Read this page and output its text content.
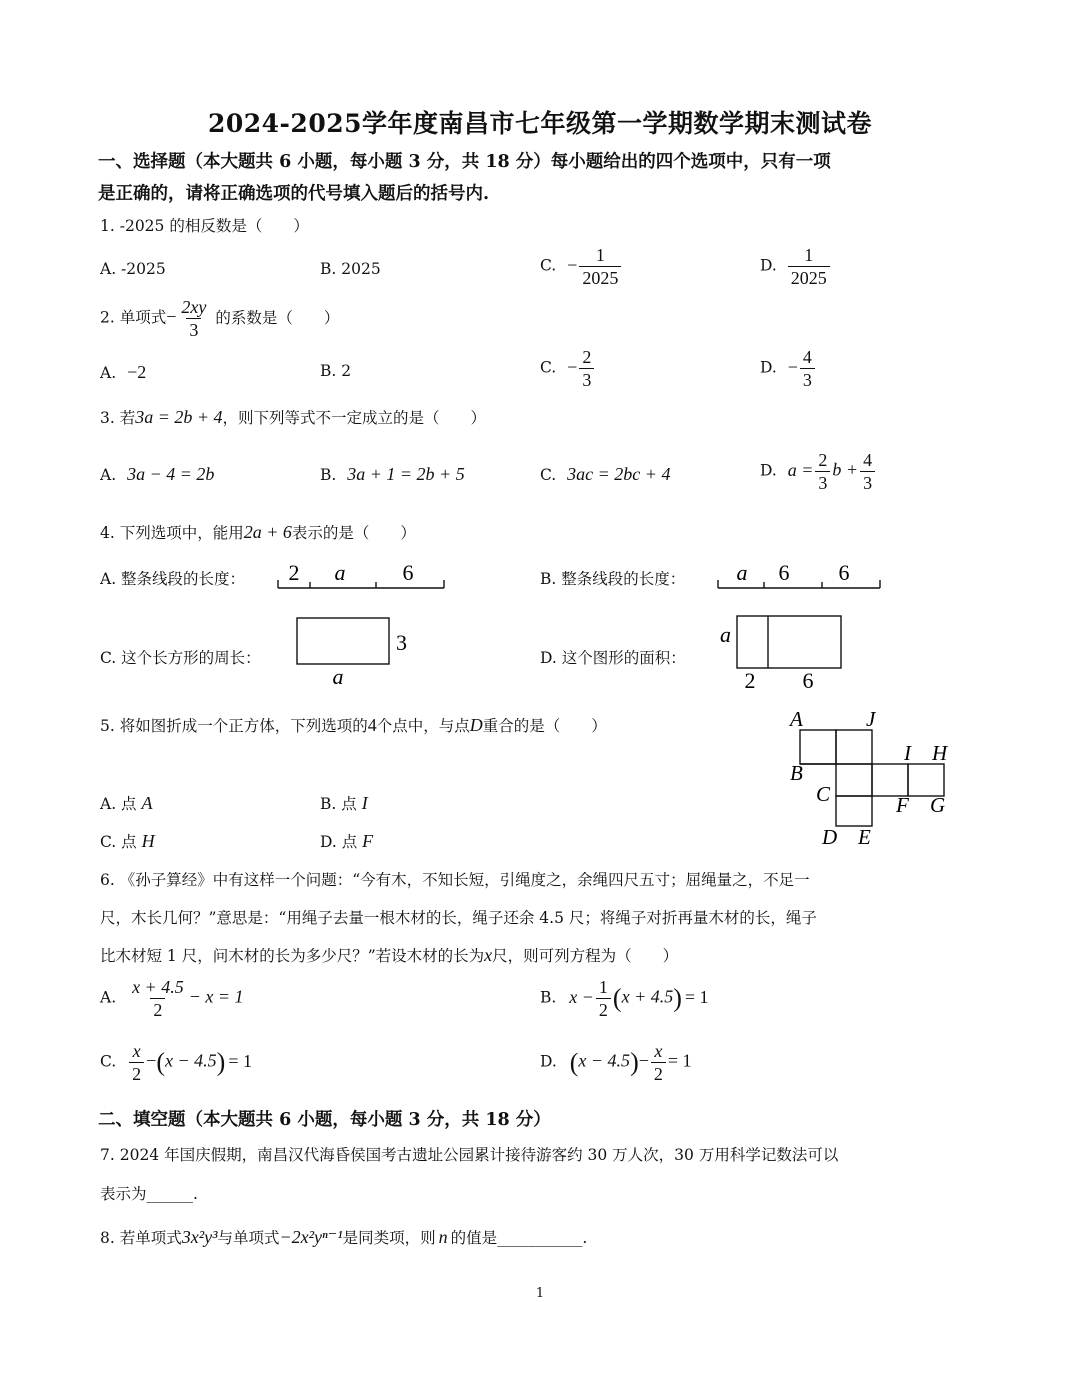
2024-2025学年度南昌市七年级第一学期数学期末测试卷
一、选择题（本大题共 6 小题，每小题 3 分，共 18 分）每小题给出的四个选项中，只有一项
是正确的，请将正确选项的代号填入题后的括号内.
1. -2025 的相反数是（　　）
A. -2025	B. 2025	C. − $\frac{1}{2025}$	D. $\frac{1}{2025}$
2. 单项式− $\frac{2xy}{3}$ 的系数是（　　）
A. −2	B. 2	C. − $\frac{2}{3}$	D. − $\frac{4}{3}$
3. 若3a = 2b + 4，则下列等式不一定成立的是（　　）
A. 3a − 4 = 2b	B. 3a + 1 = 2b + 5	C. 3ac = 2bc + 4	D. $a = \frac{2}{3}$ $b + \frac{4}{3}$
4. 下列选项中，能用2a + 6表示的是（　　）
A. 整条线段的长度： 2 a	6	B. 整条线段的长度： a 6 6
C. 这个长方形的周长：
3
a
D. 这个图形的面积：
a
2 6
5. 将如图折成一个正方体，下列选项的4个点中，与点D重合的是（　　）
A. 点 A	B. 点 I
C. 点 H	D. 点 F
A	J
I H
B
C	F G
D E
6. 《孙子算经》中有这样一个问题：“今有木，不知长短，引绳度之，余绳四尺五寸；屈绳量之，不足一
尺，木长几何？”意思是：“用绳子去量一根木材的长，绳子还余 4.5 尺；将绳子对折再量木材的长，绳子
比木材短 1 尺，问木材的长为多少尺？”若设木材的长为x尺，则可列方程为（　　）
A. $\frac{x + 4.5}{2} - x = 1$	B. $x - \frac{1}{2} (x + 4.5) = 1$
C. $\frac{x}{2} -(x - 4.5) = 1$	D. $(x - 4.5)- \frac{x}{2} = 1$
二、填空题（本大题共 6 小题，每小题 3 分，共 18 分）
7. 2024 年国庆假期，南昌汉代海昏侯国考古遗址公园累计接待游客约 30 万人次，30 万用科学记数法可以
表示为______.
8. 若单项式3x²y³与单项式−2x²yⁿ⁻¹是同类项，则 n 的值是___________.
1
